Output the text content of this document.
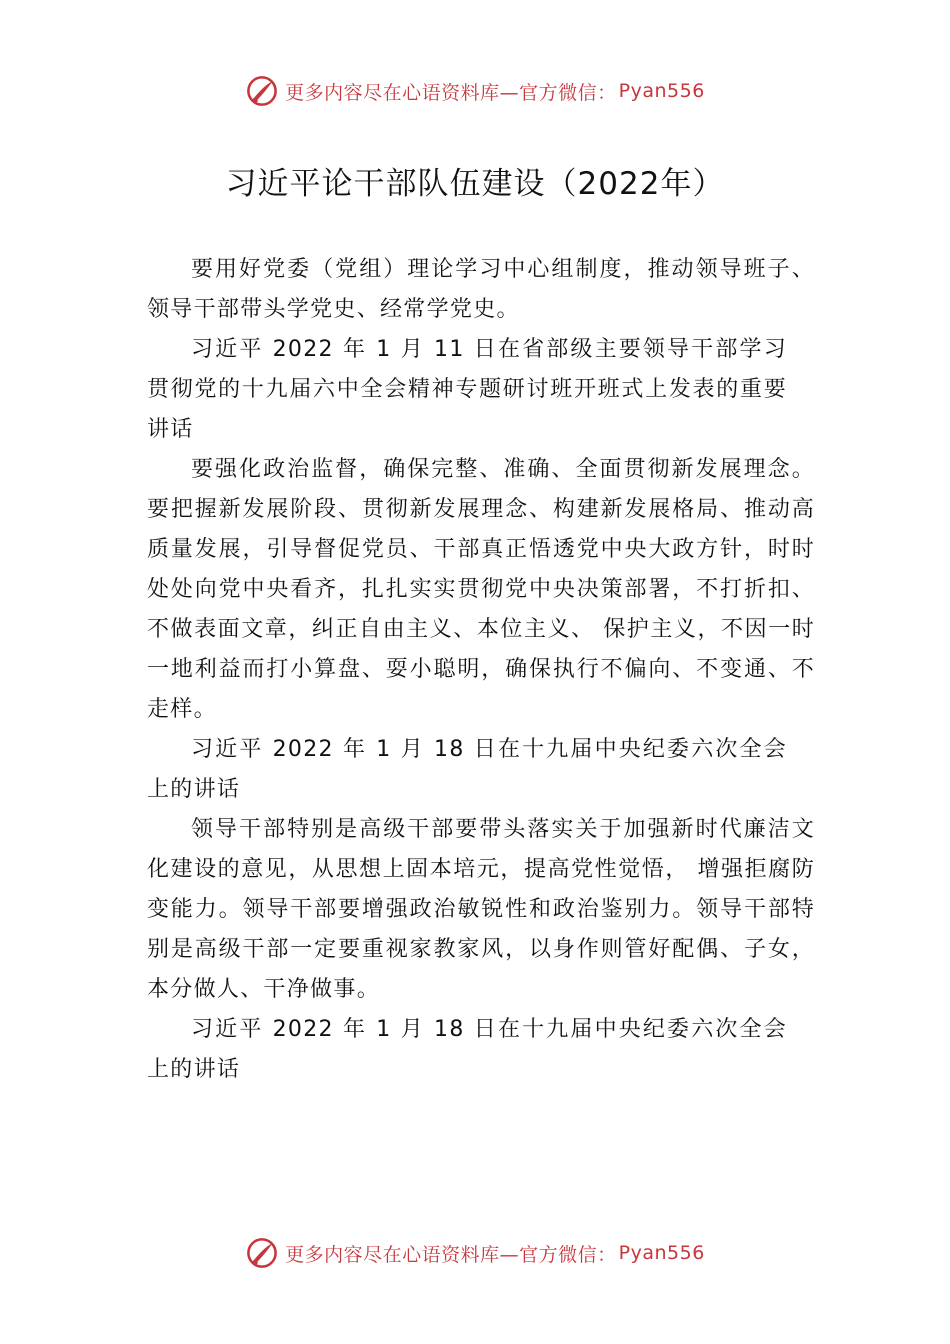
更多内容尽在心语资料库—官方微信： Pyan556
习近平论干部队伍建设（2022年）

要用好党委（党组）理论学习中心组制度，推动领导班子、领导干部带头学党史、经常学党史。

习近平 2022 年 1 月 11 日在省部级主要领导干部学习贯彻党的十九届六中全会精神专题研讨班开班式上发表的重要讲话

要强化政治监督，确保完整、准确、全面贯彻新发展理念。要把握新发展阶段、贯彻新发展理念、构建新发展格局、推动高质量发展，引导督促党员、干部真正悟透党中央大政方针，时时处处向党中央看齐，扎扎实实贯彻党中央决策部署，不打折扣、不做表面文章，纠正自由主义、本位主义、 保护主义，不因一时一地利益而打小算盘、耍小聪明，确保执行不偏向、不变通、不走样。

习近平 2022 年 1 月 18 日在十九届中央纪委六次全会上的讲话

领导干部特别是高级干部要带头落实关于加强新时代廉洁文化建设的意见，从思想上固本培元，提高党性觉悟， 增强拒腐防变能力。领导干部要增强政治敏锐性和政治鉴别力。领导干部特别是高级干部一定要重视家教家风，以身作则管好配偶、子女，本分做人、干净做事。

习近平 2022 年 1 月 18 日在十九届中央纪委六次全会上的讲话

更多内容尽在心语资料库—官方微信： Pyan556
